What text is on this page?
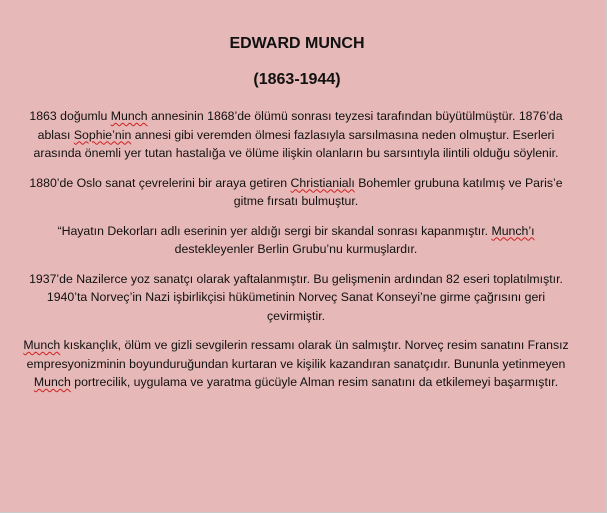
EDWARD MUNCH
(1863-1944)

1863 doğumlu Munch annesinin 1868’de ölümü sonrası teyzesi tarafından büyütülmüştür. 1876’da ablası Sophie’nin annesi gibi veremden ölmesi fazlasıyla sarsılmasına neden olmuştur. Eserleri arasında önemli yer tutan hastalığa ve ölüme ilişkin olanların bu sarsıntıyla ilintili olduğu söylenir.

1880’de Oslo sanat çevrelerini bir araya getiren Christianialı Bohemler grubuna katılmış ve Paris’e gitme fırsatı bulmuştur.

“Hayatın Dekorları adlı eserinin yer aldığı sergi bir skandal sonrası kapanmıştır. Munch’ı destekleyenler Berlin Grubu’nu kurmuşlardır.

1937’de Nazilerce yoz sanatçı olarak yaftalanmıştır. Bu gelişmenin ardından 82 eseri toplatılmıştır. 1940’ta Norveç’in Nazi işbirlikçisi hükümetinin Norveç Sanat Konseyi’ne girme çağrısını geri çevirmiştir.

Munch kıskançlık, ölüm ve gizli sevgilerin ressamı olarak ün salmıştır. Norveç resim sanatını Fransız empresyonizminin boyunduruğundan kurtaran ve kişilik kazandıran sanatçıdır. Bununla yetinmeyen Munch portrecilik, uygulama ve yaratma gücüyle Alman resim sanatını da etkilemeyi başarmıştır.
